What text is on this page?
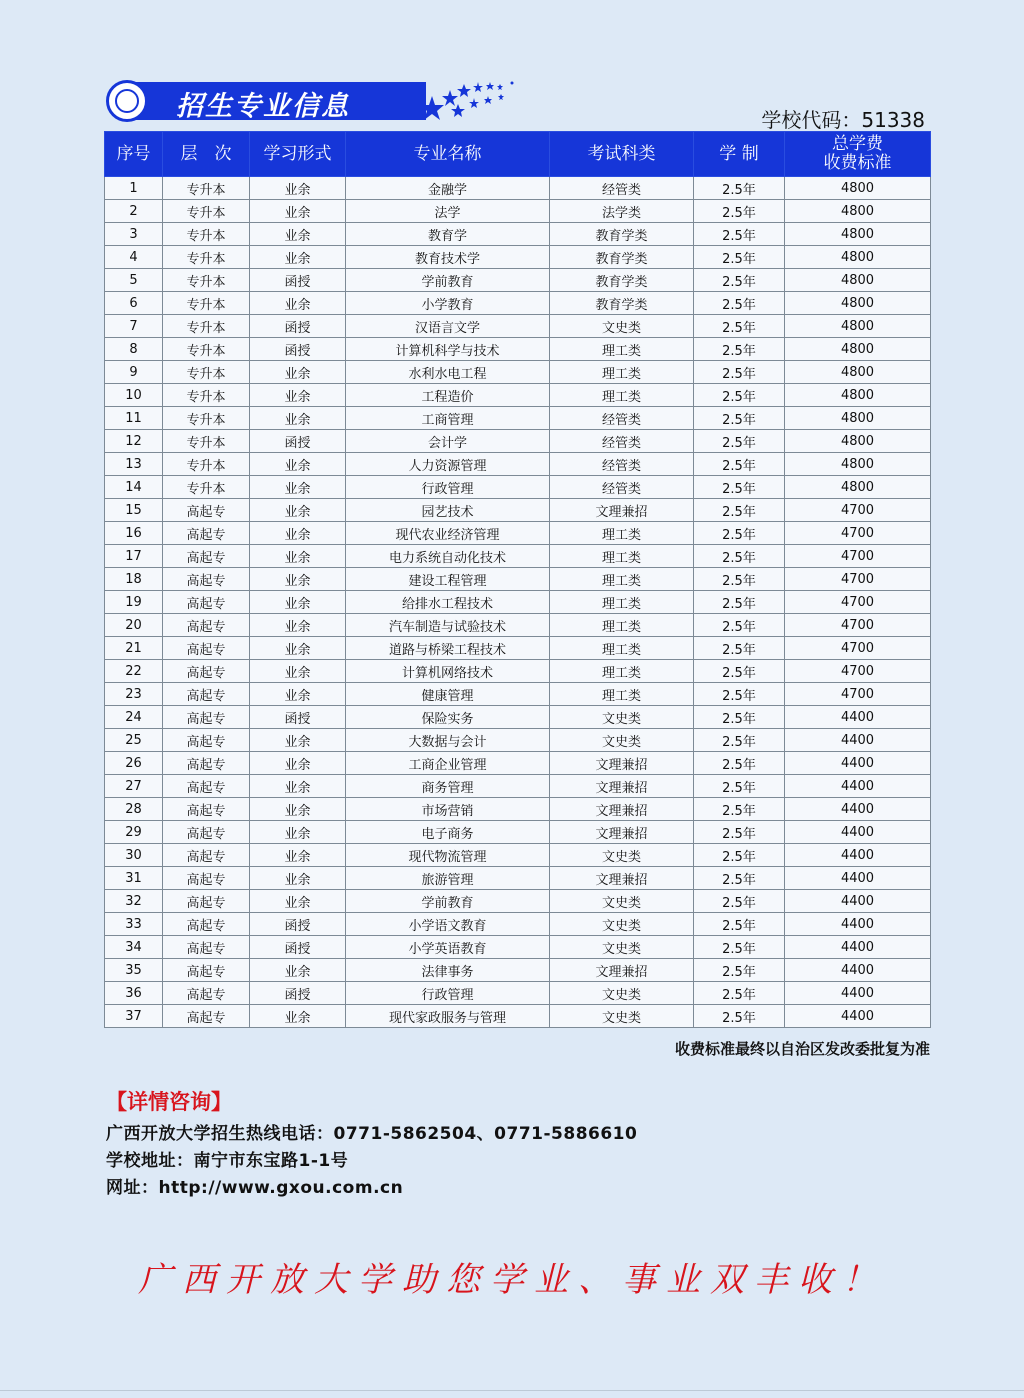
招生专业信息	学校代码：51338
序号	层　次	学习形式	专业名称	考试科类	学 制	总学费
收费标准

1	专升本	业余	金融学	经管类	2.5年	4800
2	专升本	业余	法学	法学类	2.5年	4800
3	专升本	业余	教育学	教育学类	2.5年	4800
4	专升本	业余	教育技术学	教育学类	2.5年	4800
5	专升本	函授	学前教育	教育学类	2.5年	4800
6	专升本	业余	小学教育	教育学类	2.5年	4800
7	专升本	函授	汉语言文学	文史类	2.5年	4800
8	专升本	函授	计算机科学与技术	理工类	2.5年	4800
9	专升本	业余	水利水电工程	理工类	2.5年	4800
10	专升本	业余	工程造价	理工类	2.5年	4800
11	专升本	业余	工商管理	经管类	2.5年	4800
12	专升本	函授	会计学	经管类	2.5年	4800
13	专升本	业余	人力资源管理	经管类	2.5年	4800
14	专升本	业余	行政管理	经管类	2.5年	4800
15	高起专	业余	园艺技术	文理兼招	2.5年	4700
16	高起专	业余	现代农业经济管理	理工类	2.5年	4700
17	高起专	业余	电力系统自动化技术	理工类	2.5年	4700
18	高起专	业余	建设工程管理	理工类	2.5年	4700
19	高起专	业余	给排水工程技术	理工类	2.5年	4700
20	高起专	业余	汽车制造与试验技术	理工类	2.5年	4700
21	高起专	业余	道路与桥梁工程技术	理工类	2.5年	4700
22	高起专	业余	计算机网络技术	理工类	2.5年	4700
23	高起专	业余	健康管理	理工类	2.5年	4700
24	高起专	函授	保险实务	文史类	2.5年	4400
25	高起专	业余	大数据与会计	文史类	2.5年	4400
26	高起专	业余	工商企业管理	文理兼招	2.5年	4400
27	高起专	业余	商务管理	文理兼招	2.5年	4400
28	高起专	业余	市场营销	文理兼招	2.5年	4400
29	高起专	业余	电子商务	文理兼招	2.5年	4400
30	高起专	业余	现代物流管理	文史类	2.5年	4400
31	高起专	业余	旅游管理	文理兼招	2.5年	4400
32	高起专	业余	学前教育	文史类	2.5年	4400
33	高起专	函授	小学语文教育	文史类	2.5年	4400
34	高起专	函授	小学英语教育	文史类	2.5年	4400
35	高起专	业余	法律事务	文理兼招	2.5年	4400
36	高起专	函授	行政管理	文史类	2.5年	4400
37	高起专	业余	现代家政服务与管理	文史类	2.5年	4400
收费标准最终以自治区发改委批复为准
【详情咨询】
广西开放大学招生热线电话：0771-5862504、0771-5886610
学校地址：南宁市东宝路1-1号
网址：http://www.gxou.com.cn
广西开放大学助您学业、事业双丰收！
